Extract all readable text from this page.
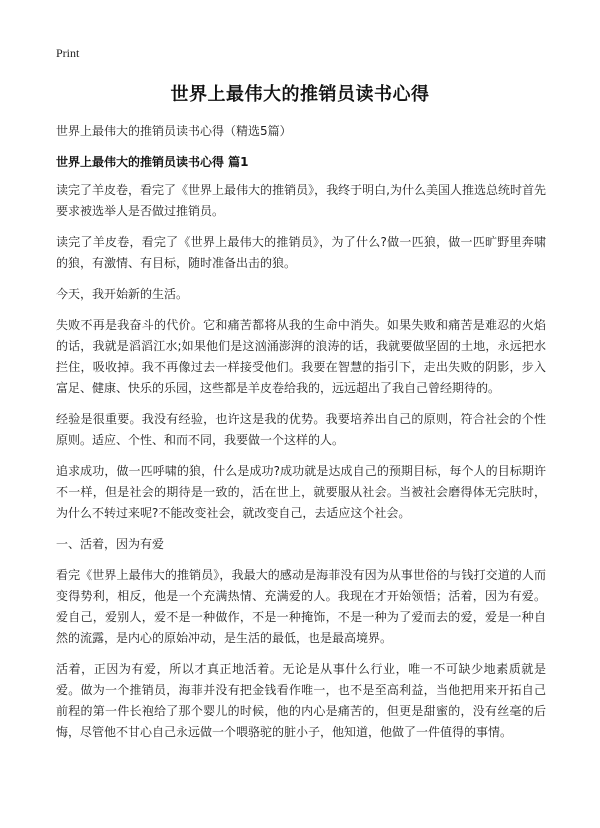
Print
世界上最伟大的推销员读书心得
世界上最伟大的推销员读书心得（精选5篇）
世界上最伟大的推销员读书心得 篇1

读完了羊皮卷，看完了《世界上最伟大的推销员》，我终于明白,为什么美国人推选总统时首先要求被选举人是否做过推销员。

读完了羊皮卷，看完了《世界上最伟大的推销员》，为了什么?做一匹狼，做一匹旷野里奔啸的狼，有激情、有目标，随时准备出击的狼。

今天，我开始新的生活。

失败不再是我奋斗的代价。它和痛苦都将从我的生命中消失。如果失败和痛苦是难忍的火焰的话，我就是滔滔江水;如果他们是这汹涌澎湃的浪涛的话，我就要做坚固的土地，永远把水拦住，吸收掉。我不再像过去一样接受他们。我要在智慧的指引下，走出失败的阴影，步入富足、健康、快乐的乐园，这些都是羊皮卷给我的，远远超出了我自己曾经期待的。

经验是很重要。我没有经验，也许这是我的优势。我要培养出自己的原则，符合社会的个性原则。适应、个性、和而不同，我要做一个这样的人。

追求成功，做一匹呼啸的狼，什么是成功?成功就是达成自己的预期目标，每个人的目标期许不一样，但是社会的期待是一致的，活在世上，就要服从社会。当被社会磨得体无完肤时，为什么不转过来呢?不能改变社会，就改变自己，去适应这个社会。

一、活着，因为有爱

看完《世界上最伟大的推销员》，我最大的感动是海菲没有因为从事世俗的与钱打交道的人而变得势利，相反，他是一个充满热情、充满爱的人。我现在才开始领悟；活着，因为有爱。爱自己，爱别人，爱不是一种做作，不是一种掩饰，不是一种为了爱而去的爱，爱是一种自然的流露，是内心的原始冲动，是生活的最低，也是最高境界。

活着，正因为有爱，所以才真正地活着。无论是从事什么行业，唯一不可缺少地素质就是爱。做为一个推销员，海菲并没有把金钱看作唯一，也不是至高利益，当他把用来开拓自己前程的第一件长袍给了那个婴儿的时候，他的内心是痛苦的，但更是甜蜜的，没有丝毫的后悔，尽管他不甘心自己永远做一个喂骆驼的脏小子，他知道，他做了一件值得的事情。
